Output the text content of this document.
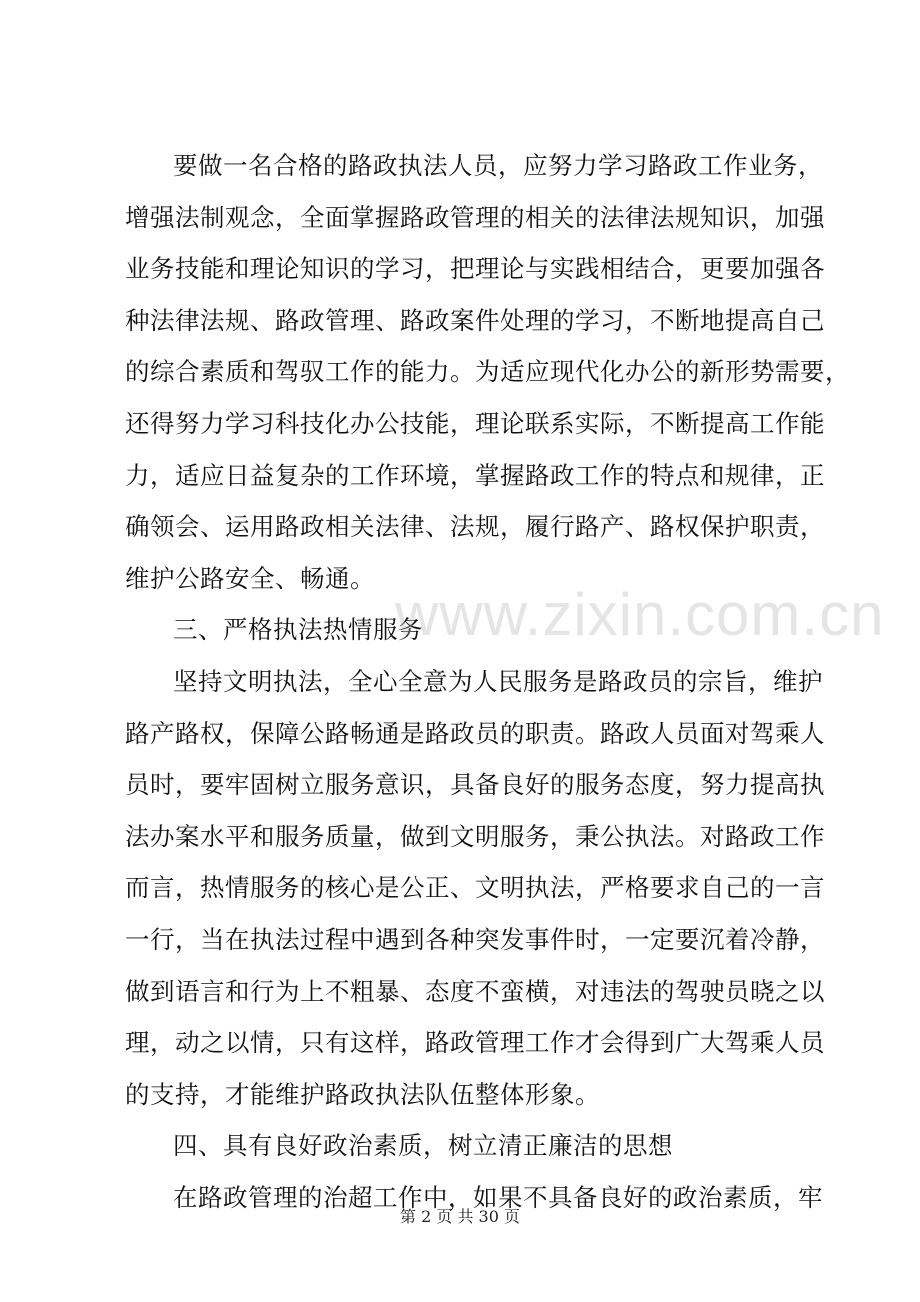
要做一名合格的路政执法人员，应努力学习路政工作业务，
增强法制观念，全面掌握路政管理的相关的法律法规知识，加强
业务技能和理论知识的学习，把理论与实践相结合，更要加强各
种法律法规、路政管理、路政案件处理的学习，不断地提高自己
的综合素质和驾驭工作的能力。为适应现代化办公的新形势需要，
还得努力学习科技化办公技能，理论联系实际，不断提高工作能
力，适应日益复杂的工作环境，掌握路政工作的特点和规律，正
确领会、运用路政相关法律、法规，履行路产、路权保护职责，
维护公路安全、畅通。
三、严格执法热情服务
坚持文明执法，全心全意为人民服务是路政员的宗旨，维护
路产路权，保障公路畅通是路政员的职责。路政人员面对驾乘人
员时，要牢固树立服务意识，具备良好的服务态度，努力提高执
法办案水平和服务质量，做到文明服务，秉公执法。对路政工作
而言，热情服务的核心是公正、文明执法，严格要求自己的一言
一行，当在执法过程中遇到各种突发事件时，一定要沉着冷静，
做到语言和行为上不粗暴、态度不蛮横，对违法的驾驶员晓之以
理，动之以情，只有这样，路政管理工作才会得到广大驾乘人员
的支持，才能维护路政执法队伍整体形象。
四、具有良好政治素质，树立清正廉洁的思想
在路政管理的治超工作中，如果不具备良好的政治素质，牢
www.zixin.com.cn
第 2 页 共 30 页
